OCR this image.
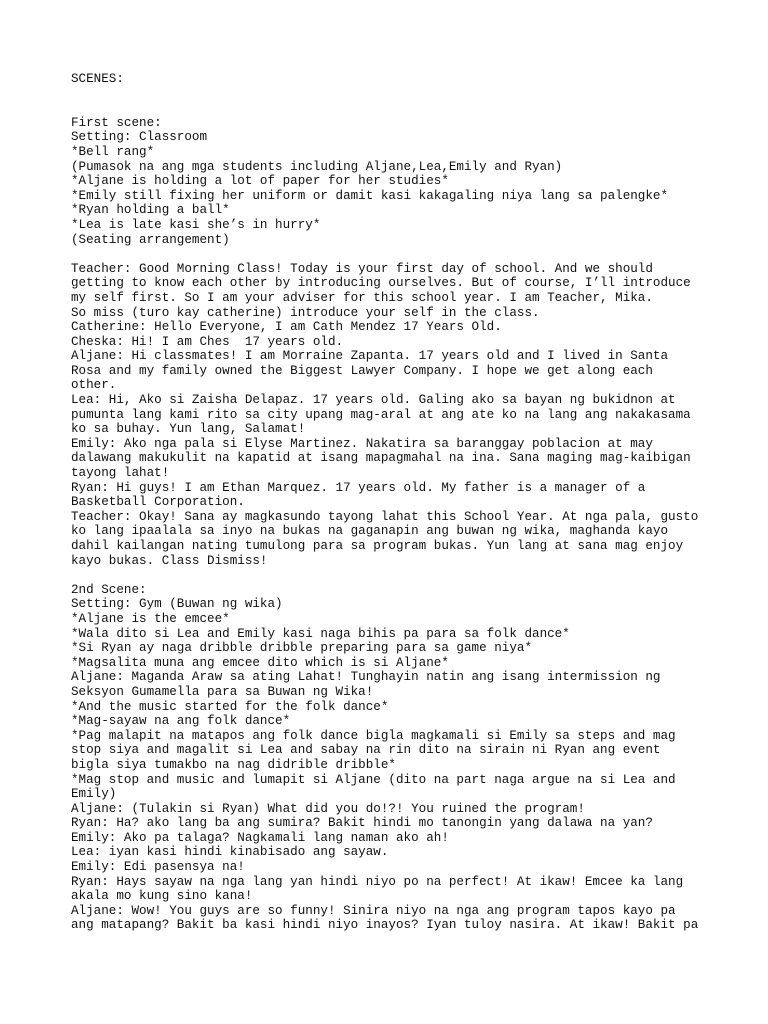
SCENES:
First scene:
Setting: Classroom
*Bell rang*
(Pumasok na ang mga students including Aljane,Lea,Emily and Ryan)
*Aljane is holding a lot of paper for her studies*
*Emily still fixing her uniform or damit kasi kakagaling niya lang sa palengke*
*Ryan holding a ball*
*Lea is late kasi she’s in hurry*
(Seating arrangement)
Teacher: Good Morning Class! Today is your first day of school. And we should
getting to know each other by introducing ourselves. But of course, I’ll introduce
my self first. So I am your adviser for this school year. I am Teacher, Mika.
So miss (turo kay catherine) introduce your self in the class.
Catherine: Hello Everyone, I am Cath Mendez 17 Years Old.
Cheska: Hi! I am Ches  17 years old.
Aljane: Hi classmates! I am Morraine Zapanta. 17 years old and I lived in Santa
Rosa and my family owned the Biggest Lawyer Company. I hope we get along each
other.
Lea: Hi, Ako si Zaisha Delapaz. 17 years old. Galing ako sa bayan ng bukidnon at
pumunta lang kami rito sa city upang mag-aral at ang ate ko na lang ang nakakasama
ko sa buhay. Yun lang, Salamat!
Emily: Ako nga pala si Elyse Martinez. Nakatira sa baranggay poblacion at may
dalawang makukulit na kapatid at isang mapagmahal na ina. Sana maging mag-kaibigan
tayong lahat!
Ryan: Hi guys! I am Ethan Marquez. 17 years old. My father is a manager of a
Basketball Corporation.
Teacher: Okay! Sana ay magkasundo tayong lahat this School Year. At nga pala, gusto
ko lang ipaalala sa inyo na bukas na gaganapin ang buwan ng wika, maghanda kayo
dahil kailangan nating tumulong para sa program bukas. Yun lang at sana mag enjoy
kayo bukas. Class Dismiss!
2nd Scene:
Setting: Gym (Buwan ng wika)
*Aljane is the emcee*
*Wala dito si Lea and Emily kasi naga bihis pa para sa folk dance*
*Si Ryan ay naga dribble dribble preparing para sa game niya*
*Magsalita muna ang emcee dito which is si Aljane*
Aljane: Maganda Araw sa ating Lahat! Tunghayin natin ang isang intermission ng
Seksyon Gumamella para sa Buwan ng Wika!
*And the music started for the folk dance*
*Mag-sayaw na ang folk dance*
*Pag malapit na matapos ang folk dance bigla magkamali si Emily sa steps and mag
stop siya and magalit si Lea and sabay na rin dito na sirain ni Ryan ang event
bigla siya tumakbo na nag didrible dribble*
*Mag stop and music and lumapit si Aljane (dito na part naga argue na si Lea and
Emily)
Aljane: (Tulakin si Ryan) What did you do!?! You ruined the program!
Ryan: Ha? ako lang ba ang sumira? Bakit hindi mo tanongin yang dalawa na yan?
Emily: Ako pa talaga? Nagkamali lang naman ako ah!
Lea: iyan kasi hindi kinabisado ang sayaw.
Emily: Edi pasensya na!
Ryan: Hays sayaw na nga lang yan hindi niyo po na perfect! At ikaw! Emcee ka lang
akala mo kung sino kana!
Aljane: Wow! You guys are so funny! Sinira niyo na nga ang program tapos kayo pa
ang matapang? Bakit ba kasi hindi niyo inayos? Iyan tuloy nasira. At ikaw! Bakit pa
